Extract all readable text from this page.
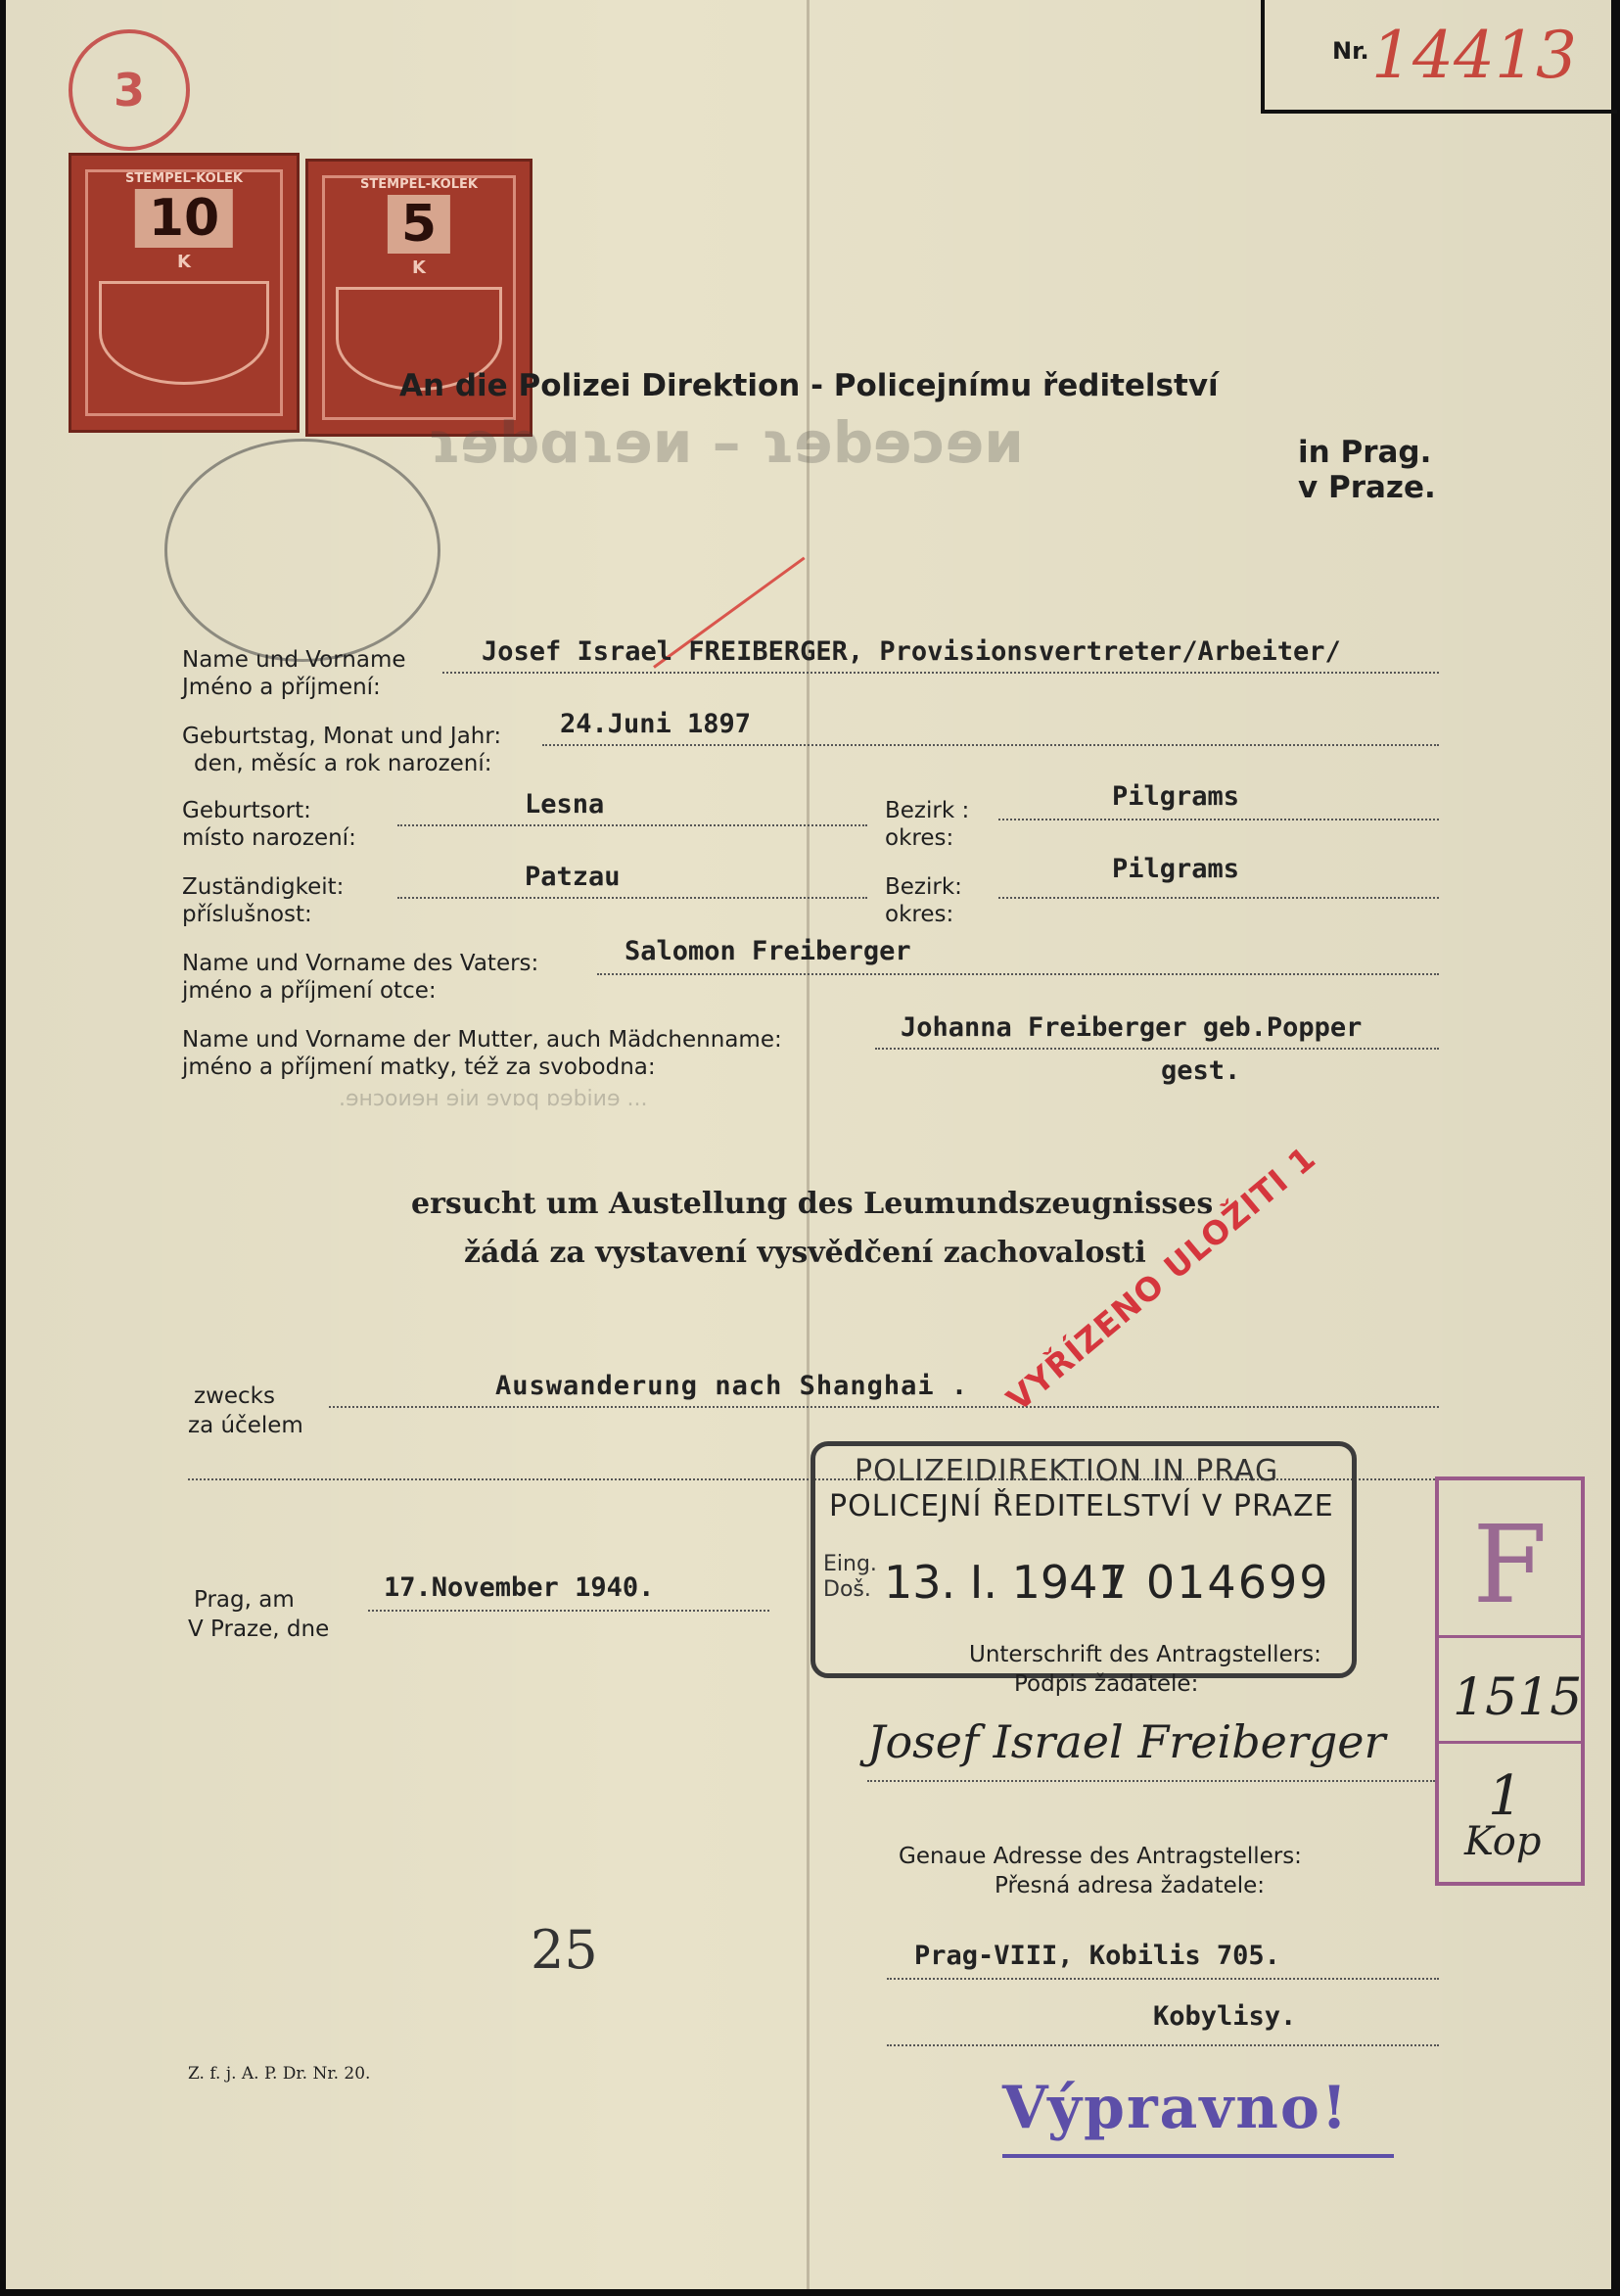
Nr. 14413
3
STEMPEL-KOLEK
10
K
STEMPEL-KOLEK
5
K
ɿɘbɑɿɘᴎ – ɿɘbɘɔɘᴎ
An die Polizei Direktion - Policejnímu ředitelství
in Prag.
v Praze.
Name und Vorname
Jméno a příjmení:
Josef Israel FREIBERGER, Provisionsvertreter/Arbeiter/
Geburtstag, Monat und Jahr:
den, měsíc a rok narození:
24.Juni 1897
Geburtsort:
místo narození:
Lesna	Bezirk :
okres:
Pilgrams
Zuständigkeit:
příslušnost:
Patzau	Bezirk:
okres:
Pilgrams
Name und Vorname des Vaters:
jméno a příjmení otce:
Salomon Freiberger
Name und Vorname der Mutter, auch Mädchenname:
jméno a příjmení matky, též za svobodna:
Johanna Freiberger geb.Popper
gest.
.ɘʜɔoᴎɘʜ ɘiᴎ ɘvɒq ɒɘbiᴎɘ ...
ersucht um Austellung des Leumundszeugnisses
žádá za vystavení vysvědčení zachovalosti
VYŘÍZENO ULOŽITI 1
zwecks
za účelem
Auswanderung nach Shanghai .
POLIZEIDIREKTION IN PRAG
POLICEJNÍ ŘEDITELSTVÍ V PRAZE
Eing.
Doš. 13. I. 1941
7 014699	F
1515
1
Kop
Prag, am
V Praze, dne
17.November 1940.
Unterschrift des Antragstellers:
Podpis žadatele:
Josef Israel Freiberger
Genaue Adresse des Antragstellers:
Přesná adresa žadatele:
Prag-VIII, Kobilis 705.
Kobylisy.
25
Z. f. j. A. P. Dr. Nr. 20.	Výpravno!
